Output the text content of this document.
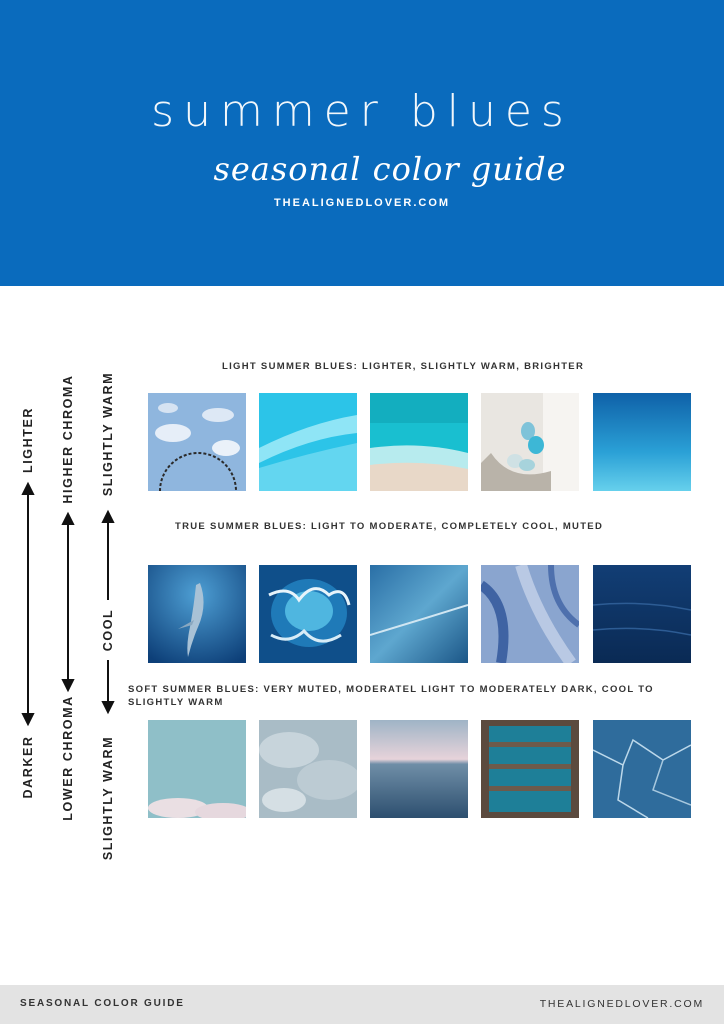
summer blues
seasonal color guide
THEALIGNEDLOVER.COM
LIGHTER
DARKER
HIGHER CHROMA
LOWER CHROMA
SLIGHTLY WARM
COOL
SLIGHTLY WARM
LIGHT SUMMER BLUES: LIGHTER, SLIGHTLY WARM, BRIGHTER
TRUE SUMMER BLUES: LIGHT TO MODERATE, COMPLETELY COOL, MUTED
SOFT SUMMER BLUES: VERY MUTED, MODERATEL LIGHT TO MODERATELY DARK, COOL TO SLIGHTLY WARM
SEASONAL COLOR GUIDE	THEALIGNEDLOVER.COM
